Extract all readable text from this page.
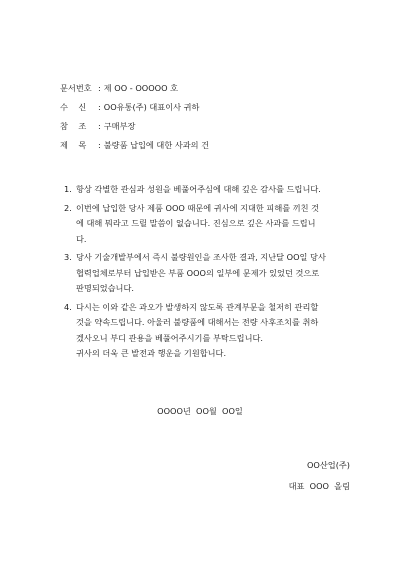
문서번호 : 제 OO - OOOOO 호
수    신 : OO유통(주) 대표이사 귀하
참    조 : 구매부장
제    목 : 불량품 납입에 대한 사과의 건
1. 항상 각별한 관심과 성원을 베풀어주심에 대해 깊은 감사를 드립니다.
2. 이번에 납입한 당사 제품 OOO 때문에 귀사에 지대한 피해를 끼친 것
에 대해 뭐라고 드릴 말씀이 없습니다. 진심으로 깊은 사과를 드립니
다.
3. 당사 기술개발부에서 즉시 불량원인을 조사한 결과, 지난달 OO일 당사
협력업체로부터 납입받은 부품 OOO의 일부에 문제가 있었던 것으로
판명되었습니다.
4. 다시는 이와 같은 과오가 발생하지 않도록 관계부문을 철저히 관리할
것을 약속드립니다. 아울러 불량품에 대해서는 전량 사후조치를 취하
겠사오니 부디 관용을 베풀어주시기를 부탁드립니다.
귀사의 더욱 큰 발전과 행운을 기원합니다.
OOOO년  OO월  OO일
OO산업(주)
대표  OOO  올림
